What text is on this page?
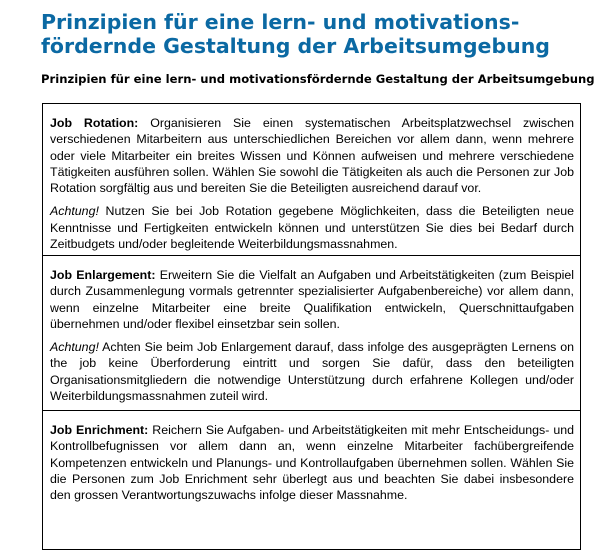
Prinzipien für eine lern- und motivations-
fördernde Gestaltung der Arbeitsumgebung
Prinzipien für eine lern- und motivationsfördernde Gestaltung der Arbeitsumgebung

Job Rotation: Organisieren Sie einen systematischen Arbeitsplatzwechsel zwischen verschiedenen Mitarbeitern aus unterschiedlichen Bereichen vor allem dann, wenn mehrere oder viele Mitarbeiter ein breites Wissen und Können aufweisen und mehrere verschiedene Tätigkeiten ausführen sollen. Wählen Sie sowohl die Tätigkeiten als auch die Personen zur Job Rotation sorgfältig aus und bereiten Sie die Beteiligten ausreichend darauf vor.

Achtung! Nutzen Sie bei Job Rotation gegebene Möglichkeiten, dass die Beteiligten neue Kenntnisse und Fertigkeiten entwickeln können und unterstützen Sie dies bei Bedarf durch Zeitbudgets und/oder begleitende Weiterbildungsmassnahmen.

Job Enlargement: Erweitern Sie die Vielfalt an Aufgaben und Arbeitstätigkeiten (zum Beispiel durch Zusammenlegung vormals getrennter spezialisierter Aufgabenbereiche) vor allem dann, wenn einzelne Mitarbeiter eine breite Qualifikation entwickeln, Querschnittaufgaben übernehmen und/oder flexibel einsetzbar sein sollen.

Achtung! Achten Sie beim Job Enlargement darauf, dass infolge des ausgeprägten Lernens on the job keine Überforderung eintritt und sorgen Sie dafür, dass den beteiligten Organisationsmitgliedern die notwendige Unterstützung durch erfahrene Kollegen und/oder Weiterbildungsmassnahmen zuteil wird.

Job Enrichment: Reichern Sie Aufgaben- und Arbeitstätigkeiten mit mehr Entscheidungs- und Kontrollbefugnissen vor allem dann an, wenn einzelne Mitarbeiter fachübergreifende Kompetenzen entwickeln und Planungs- und Kontrollaufgaben übernehmen sollen. Wählen Sie die Personen zum Job Enrichment sehr überlegt aus und beachten Sie dabei insbesondere den grossen Verantwortungszuwachs infolge dieser Massnahme.
